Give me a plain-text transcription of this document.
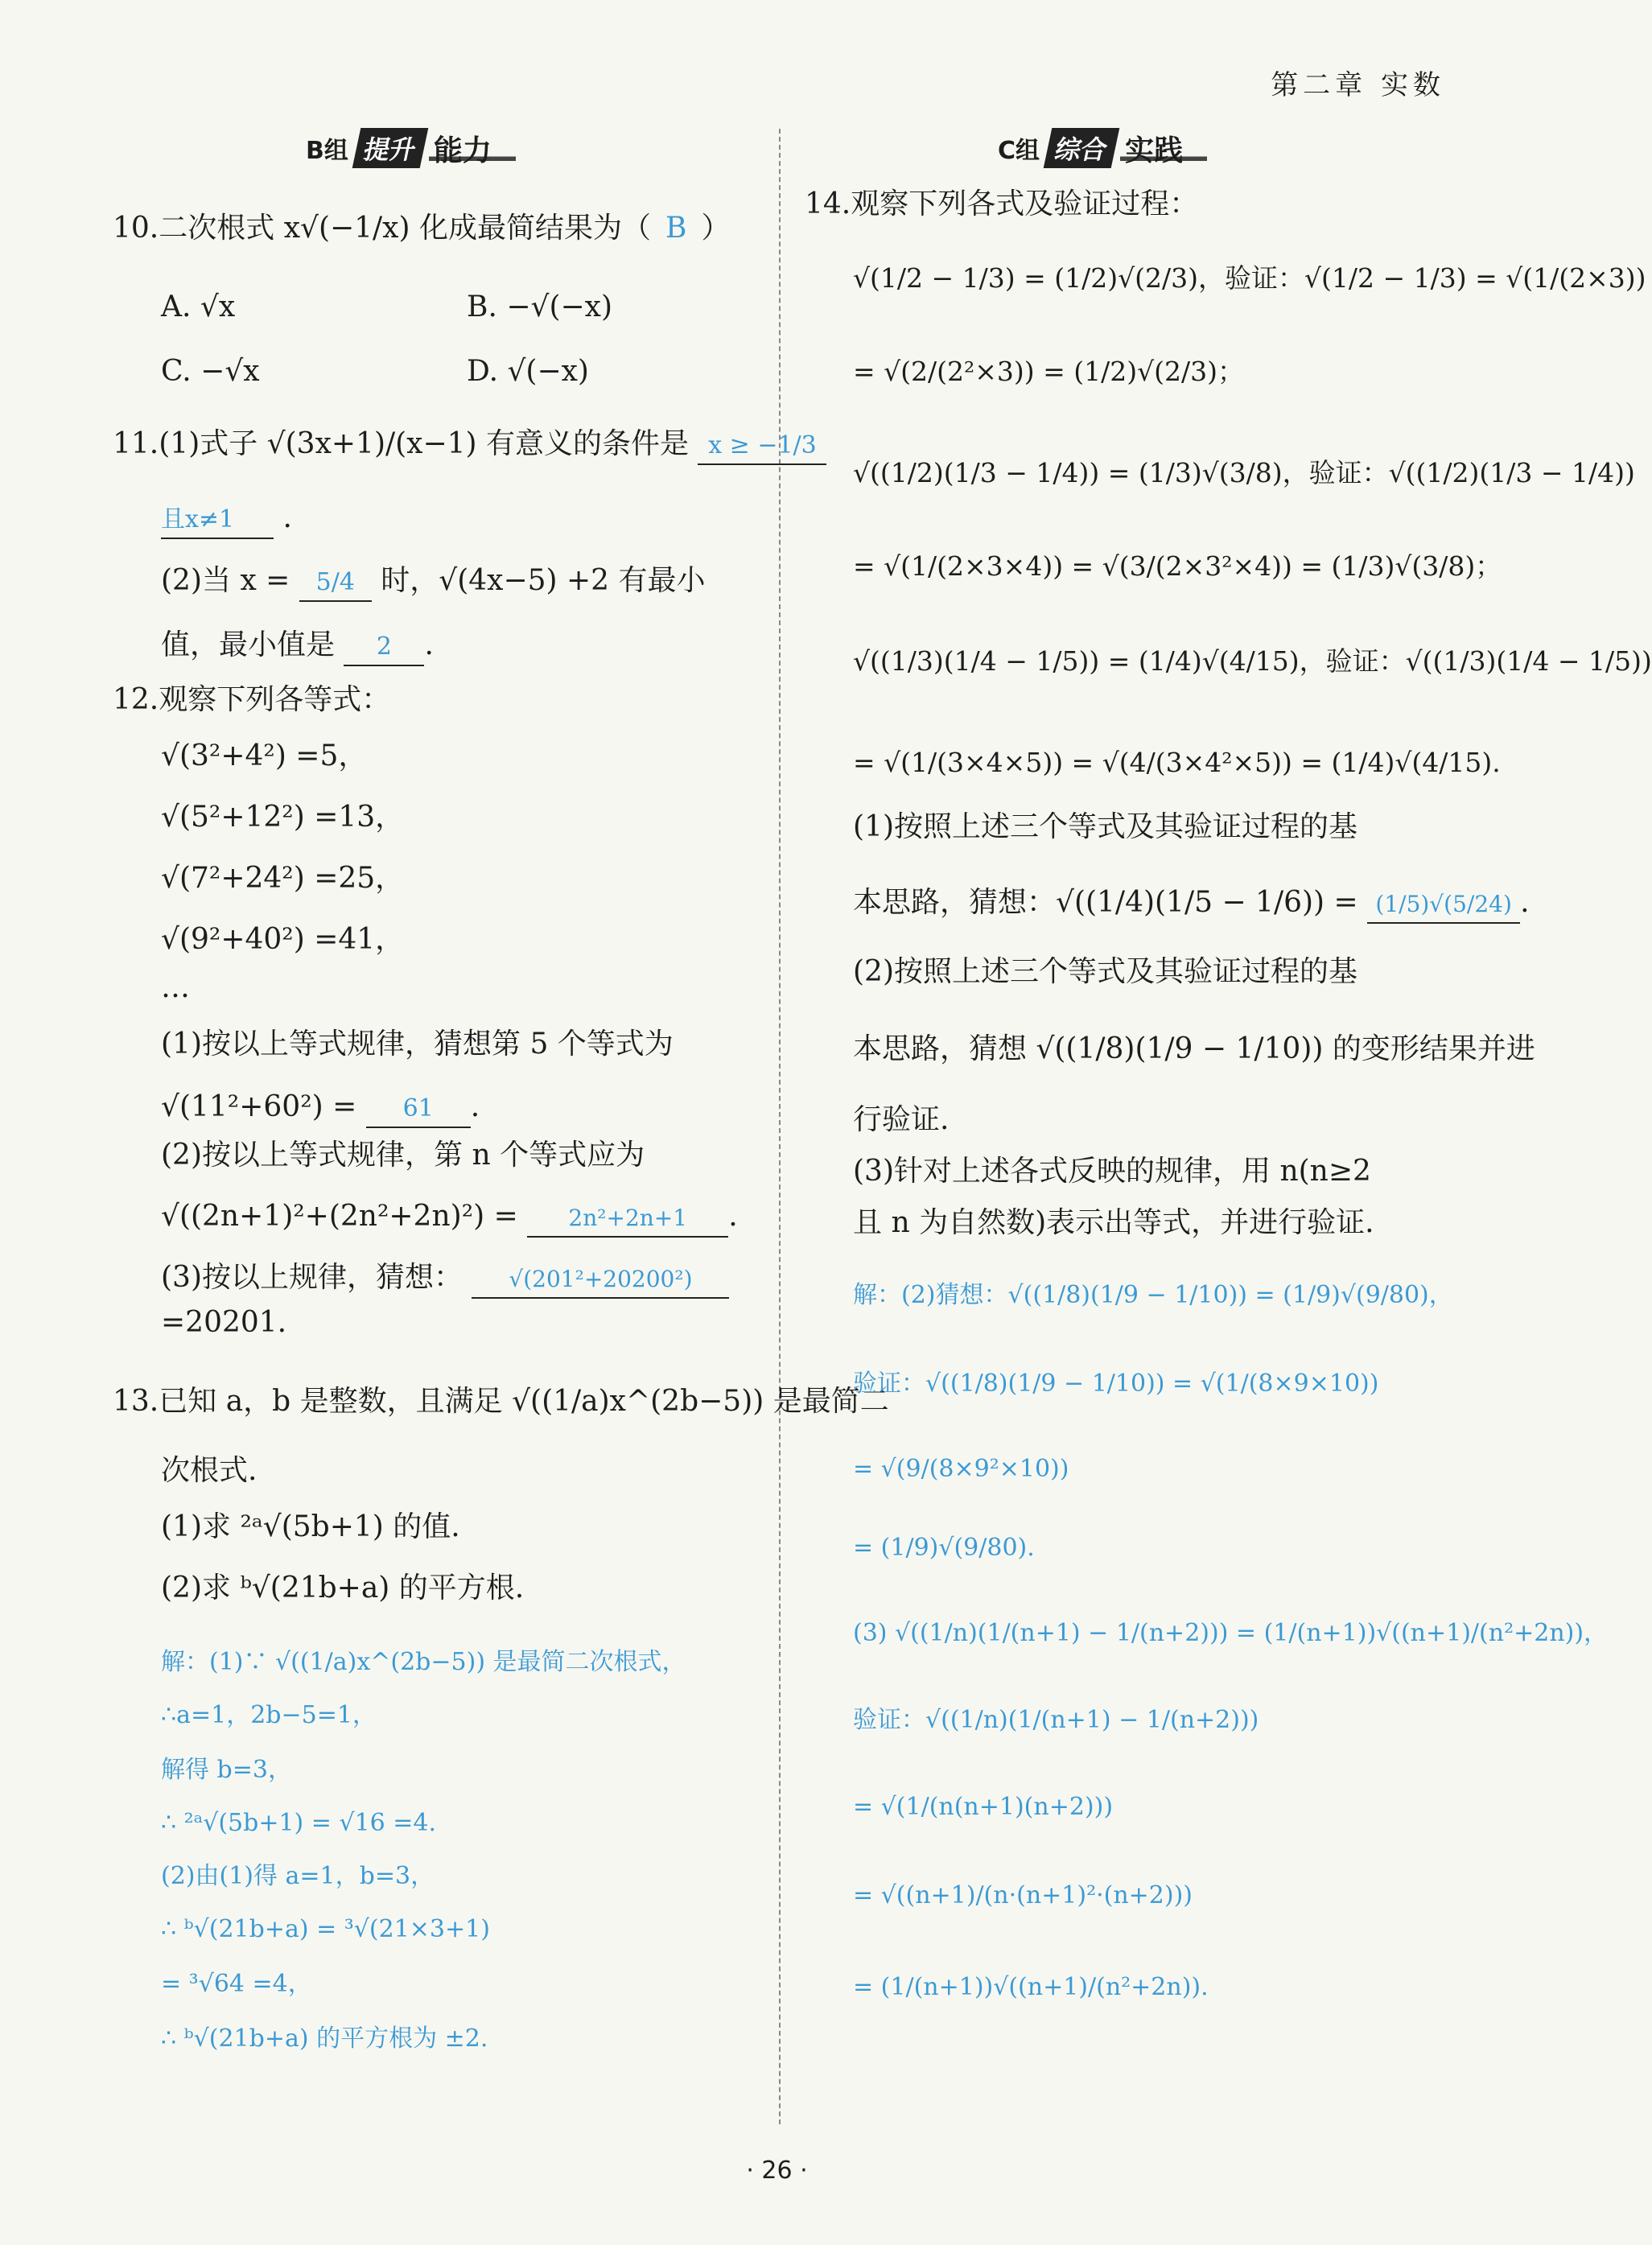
第二章 实数
B组 提升 能力
10.二次根式 x√(−1/x) 化成最简结果为（ B ）
A. √x	B. −√(−x)
C. −√x	D. √(−x)
11.(1)式子 √(3x+1)/(x−1) 有意义的条件是 x ≥ −1/3
且x≠1 .
(2)当 x = 5/4 时，√(4x−5) +2 有最小
值，最小值是 2 .
12.观察下列各等式：
√(3²+4²) =5，
√(5²+12²) =13，
√(7²+24²) =25，
√(9²+40²) =41，
…
(1)按以上等式规律，猜想第 5 个等式为
√(11²+60²) = 61 .
(2)按以上等式规律，第 n 个等式应为
√((2n+1)²+(2n²+2n)²) = 2n²+2n+1 .
(3)按以上规律，猜想： √(201²+20200²)
=20201.
13.已知 a，b 是整数，且满足 √((1/a)x^(2b−5)) 是最简二
次根式.
(1)求 ²ᵃ√(5b+1) 的值.
(2)求 ᵇ√(21b+a) 的平方根.
解：(1)∵ √((1/a)x^(2b−5)) 是最简二次根式，
∴a=1，2b−5=1，
解得 b=3，
∴ ²ᵃ√(5b+1) = √16 =4.
(2)由(1)得 a=1，b=3，
∴ ᵇ√(21b+a) = ³√(21×3+1)
= ³√64 =4，
∴ ᵇ√(21b+a) 的平方根为 ±2.
C组 综合 实践
14.观察下列各式及验证过程：
√(1/2 − 1/3) = (1/2)√(2/3)，验证：√(1/2 − 1/3) = √(1/(2×3))
= √(2/(2²×3)) = (1/2)√(2/3)；
√((1/2)(1/3 − 1/4)) = (1/3)√(3/8)，验证：√((1/2)(1/3 − 1/4))
= √(1/(2×3×4)) = √(3/(2×3²×4)) = (1/3)√(3/8)；
√((1/3)(1/4 − 1/5)) = (1/4)√(4/15)，验证：√((1/3)(1/4 − 1/5))
= √(1/(3×4×5)) = √(4/(3×4²×5)) = (1/4)√(4/15).
(1)按照上述三个等式及其验证过程的基
本思路，猜想：√((1/4)(1/5 − 1/6)) = (1/5)√(5/24) .
(2)按照上述三个等式及其验证过程的基
本思路，猜想 √((1/8)(1/9 − 1/10)) 的变形结果并进
行验证.
(3)针对上述各式反映的规律，用 n(n≥2
且 n 为自然数)表示出等式，并进行验证.
解：(2)猜想：√((1/8)(1/9 − 1/10)) = (1/9)√(9/80)，
验证：√((1/8)(1/9 − 1/10)) = √(1/(8×9×10))
= √(9/(8×9²×10))
= (1/9)√(9/80).
(3) √((1/n)(1/(n+1) − 1/(n+2))) = (1/(n+1))√((n+1)/(n²+2n))，
验证：√((1/n)(1/(n+1) − 1/(n+2)))
= √(1/(n(n+1)(n+2)))
= √((n+1)/(n·(n+1)²·(n+2)))
= (1/(n+1))√((n+1)/(n²+2n)).
· 26 ·
